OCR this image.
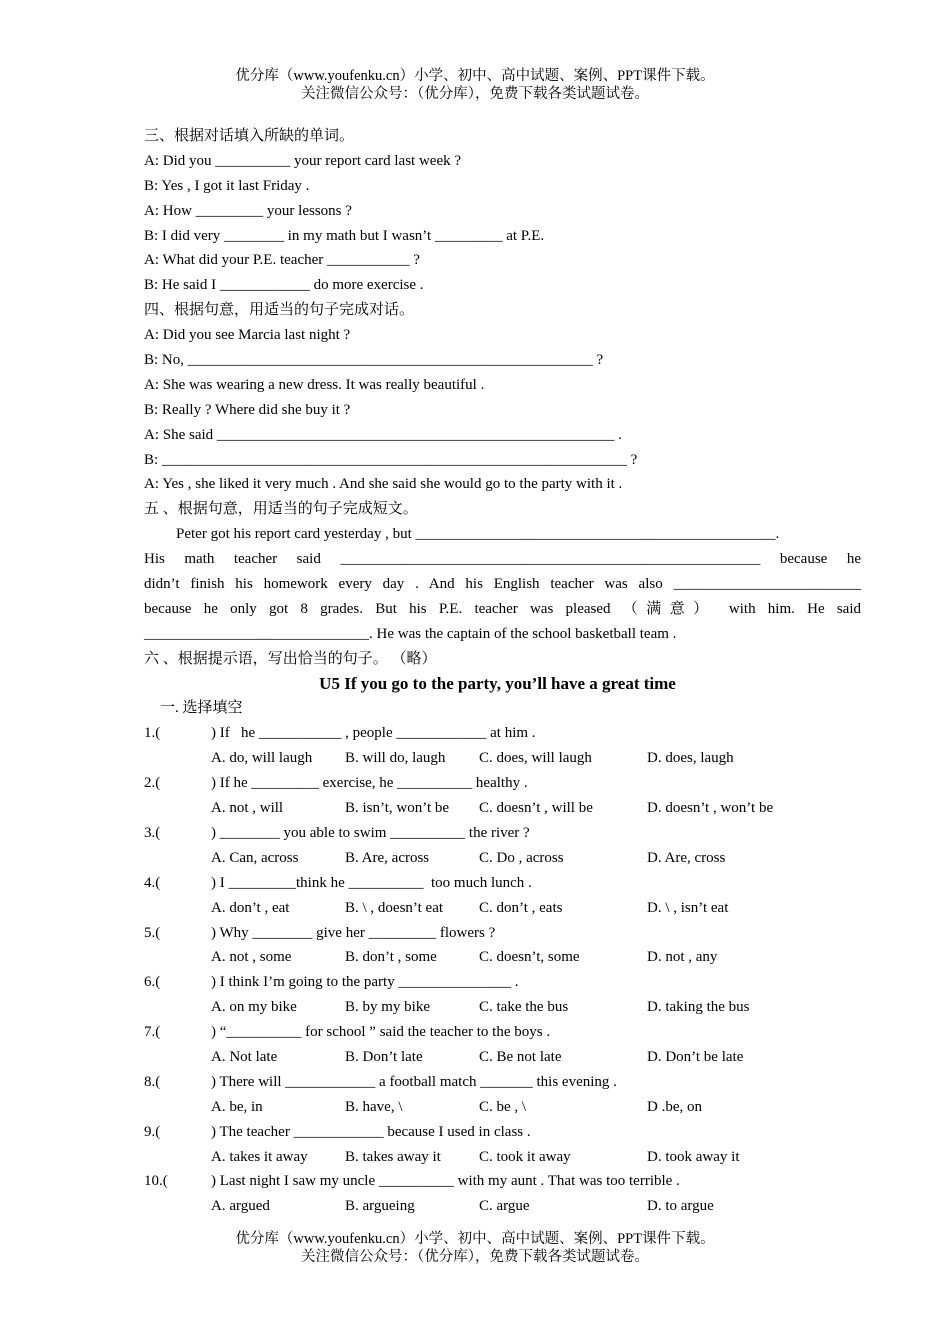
优分库（www.youfenku.cn）小学、初中、高中试题、案例、PPT课件下载。
关注微信公众号：（优分库），免费下载各类试题试卷。
三、根据对话填入所缺的单词。
A: Did you __________ your report card last week ?
B: Yes , I got it last Friday .
A: How _________ your lessons ?
B: I did very ________ in my math but I wasn’t _________ at P.E.
A: What did your P.E. teacher ___________ ?
B: He said I ____________ do more exercise .
四、根据句意，用适当的句子完成对话。
A: Did you see Marcia last night ?
B: No, ______________________________________________________ ?
A: She was wearing a new dress. It was really beautiful .
B: Really ? Where did she buy it ?
A: She said _____________________________________________________ .
B: ______________________________________________________________ ?
A: Yes , she liked it very much . And she said she would go to the party with it .
五 、根据句意，用适当的句子完成短文。
Peter got his report card yesterday , but ________________________________________________.
His math teacher said ________________________________________________________ because he
didn’t finish his homework every day . And his English teacher was also _________________________
because he only got 8 grades. But his P.E. teacher was pleased （满意） with him. He said
______________________________. He was the captain of the school basketball team .
六 、根据提示语，写出恰当的句子。 （略）
U5 If you go to the party, you’ll have a great time
一. 选择填空
1.(	) If   he ___________ , people ____________ at him .
A. do, will laugh	B. will do, laugh	C. does, will laugh	D. does, laugh
2.(	) If he _________ exercise, he __________ healthy .
A. not , will	B. isn’t, won’t be	C. doesn’t , will be	D. doesn’t , won’t be
3.(	) ________ you able to swim __________ the river ?
A. Can, across	B. Are, across	C. Do , across	D. Are, cross
4.(	) I _________think he __________  too much lunch .
A. don’t , eat	B. \ , doesn’t eat	C. don’t , eats	D. \ , isn’t eat
5.(	) Why ________ give her _________ flowers ?
A. not , some	B. don’t , some	C. doesn’t, some	D. not , any
6.(	) I think I’m going to the party _______________ .
A. on my bike	B. by my bike	C. take the bus	D. taking the bus
7.(	) “__________ for school ” said the teacher to the boys .
A. Not late	B. Don’t late	C. Be not late	D. Don’t be late
8.(	) There will ____________ a football match _______ this evening .
A. be, in	B. have, \	C. be , \	D .be, on
9.(	) The teacher ____________ because I used in class .
A. takes it away	B. takes away it	C. took it away	D. took away it
10.(	) Last night I saw my uncle __________ with my aunt . That was too terrible .
A. argued	B. argueing	C. argue	D. to argue
优分库（www.youfenku.cn）小学、初中、高中试题、案例、PPT课件下载。
关注微信公众号：（优分库），免费下载各类试题试卷。
